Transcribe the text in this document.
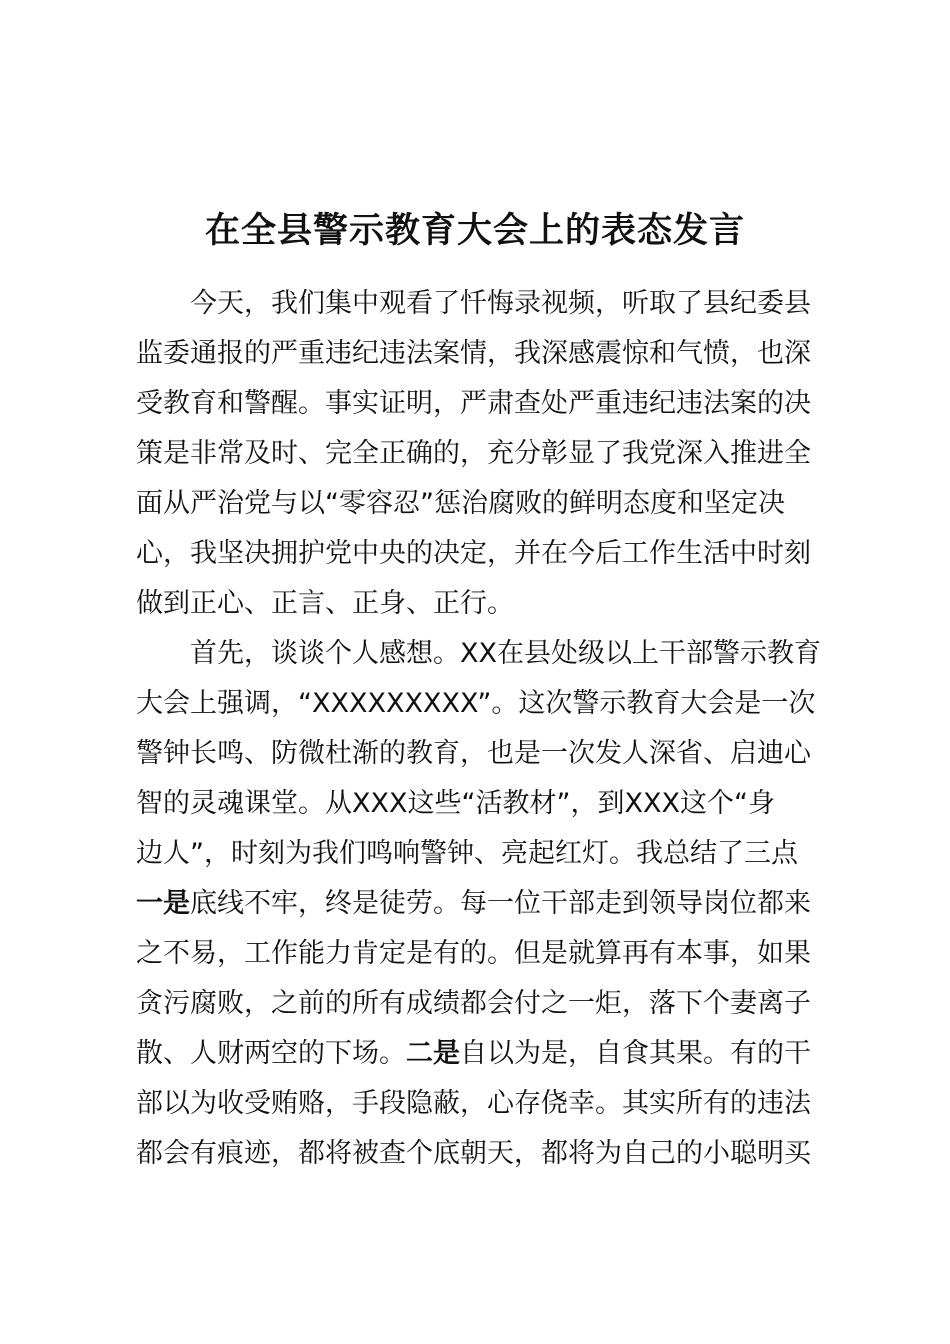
在全县警示教育大会上的表态发言

　　今天，我们集中观看了忏悔录视频，听取了县纪委县

监委通报的严重违纪违法案情，我深感震惊和气愤，也深

受教育和警醒。事实证明，严肃查处严重违纪违法案的决

策是非常及时、完全正确的，充分彰显了我党深入推进全

面从严治党与以“零容忍”惩治腐败的鲜明态度和坚定决

心，我坚决拥护党中央的决定，并在今后工作生活中时刻

做到正心、正言、正身、正行。

　　首先，谈谈个人感想。XX在县处级以上干部警示教育

大会上强调，“XXXXXXXXX”。这次警示教育大会是一次

警钟长鸣、防微杜渐的教育，也是一次发人深省、启迪心

智的灵魂课堂。从XXX这些“活教材”，到XXX这个“身

边人”，时刻为我们鸣响警钟、亮起红灯。我总结了三点

一是底线不牢，终是徒劳。每一位干部走到领导岗位都来

之不易，工作能力肯定是有的。但是就算再有本事，如果

贪污腐败，之前的所有成绩都会付之一炬，落下个妻离子

散、人财两空的下场。二是自以为是，自食其果。有的干

部以为收受贿赂，手段隐蔽，心存侥幸。其实所有的违法

都会有痕迹，都将被查个底朝天，都将为自己的小聪明买
